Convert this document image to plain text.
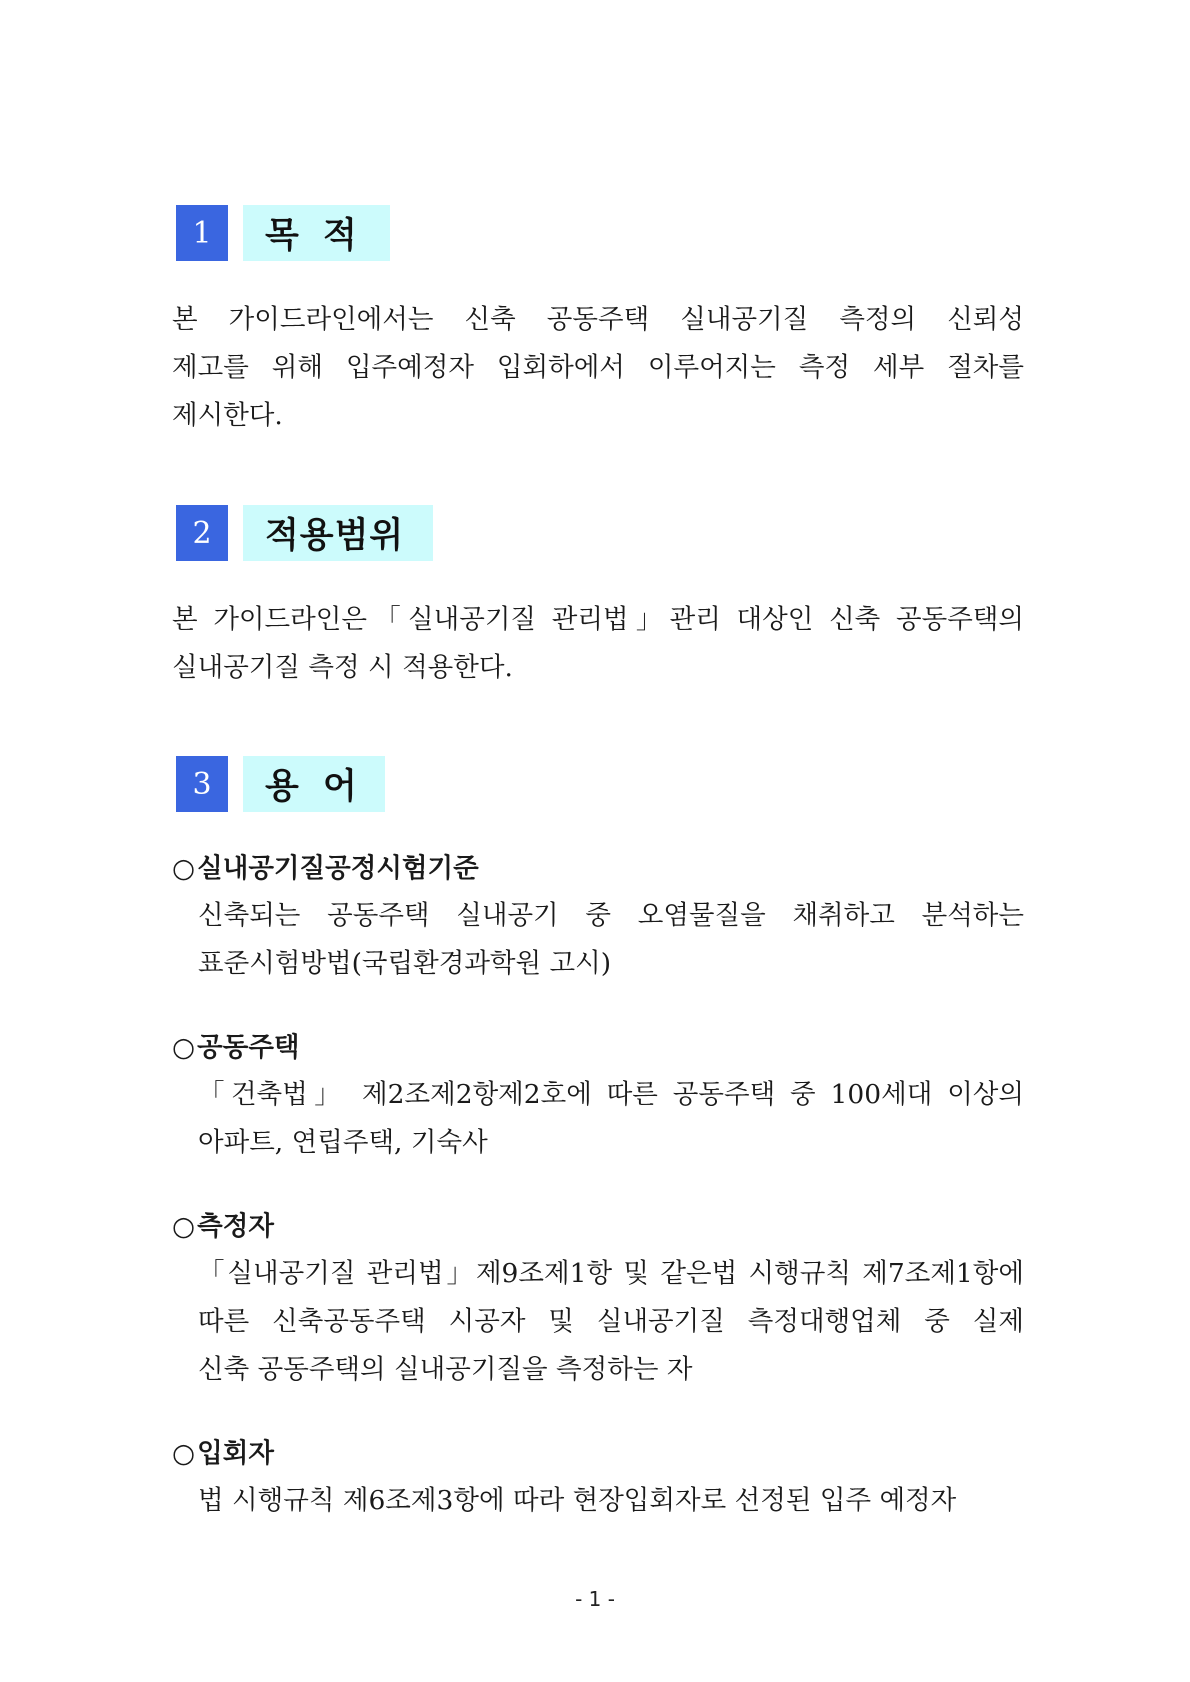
1	목 적
본 가이드라인에서는 신축 공동주택 실내공기질 측정의 신뢰성
제고를 위해 입주예정자 입회하에서 이루어지는 측정 세부 절차를
제시한다.
2	적용범위
본 가이드라인은「실내공기질 관리법」관리 대상인 신축 공동주택의
실내공기질 측정 시 적용한다.
3	용 어
○실내공기질공정시험기준
신축되는 공동주택 실내공기 중 오염물질을 채취하고 분석하는
표준시험방법(국립환경과학원 고시)
○공동주택
「건축법」 제2조제2항제2호에 따른 공동주택 중 100세대 이상의
아파트, 연립주택, 기숙사
○측정자
「실내공기질 관리법」제9조제1항 및 같은법 시행규칙 제7조제1항에
따른 신축공동주택 시공자 및 실내공기질 측정대행업체 중 실제
신축 공동주택의 실내공기질을 측정하는 자
○입회자
법 시행규칙 제6조제3항에 따라 현장입회자로 선정된 입주 예정자
- 1 -
